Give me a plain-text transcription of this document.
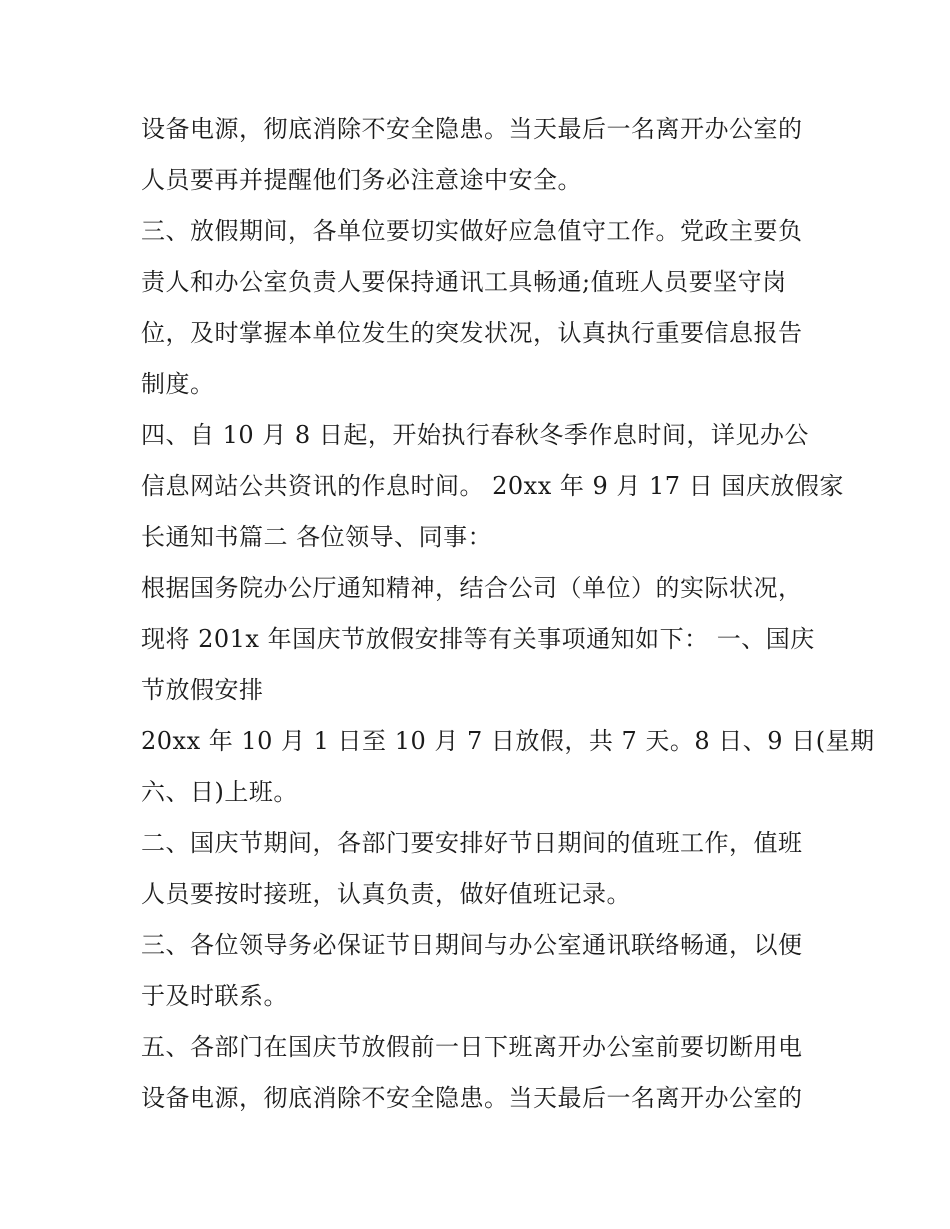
设备电源，彻底消除不安全隐患。当天最后一名离开办公室的
人员要再并提醒他们务必注意途中安全。
三、放假期间，各单位要切实做好应急值守工作。党政主要负
责人和办公室负责人要保持通讯工具畅通;值班人员要坚守岗
位，及时掌握本单位发生的突发状况，认真执行重要信息报告
制度。
四、自 10 月 8 日起，开始执行春秋冬季作息时间，详见办公
信息网站公共资讯的作息时间。 20xx 年 9 月 17 日 国庆放假家
长通知书篇二 各位领导、同事：
根据国务院办公厅通知精神，结合公司（单位）的实际状况，
现将 201x 年国庆节放假安排等有关事项通知如下： 一、国庆
节放假安排
20xx 年 10 月 1 日至 10 月 7 日放假，共 7 天。8 日、9 日(星期
六、日)上班。
二、国庆节期间，各部门要安排好节日期间的值班工作，值班
人员要按时接班，认真负责，做好值班记录。
三、各位领导务必保证节日期间与办公室通讯联络畅通，以便
于及时联系。
五、各部门在国庆节放假前一日下班离开办公室前要切断用电
设备电源，彻底消除不安全隐患。当天最后一名离开办公室的
